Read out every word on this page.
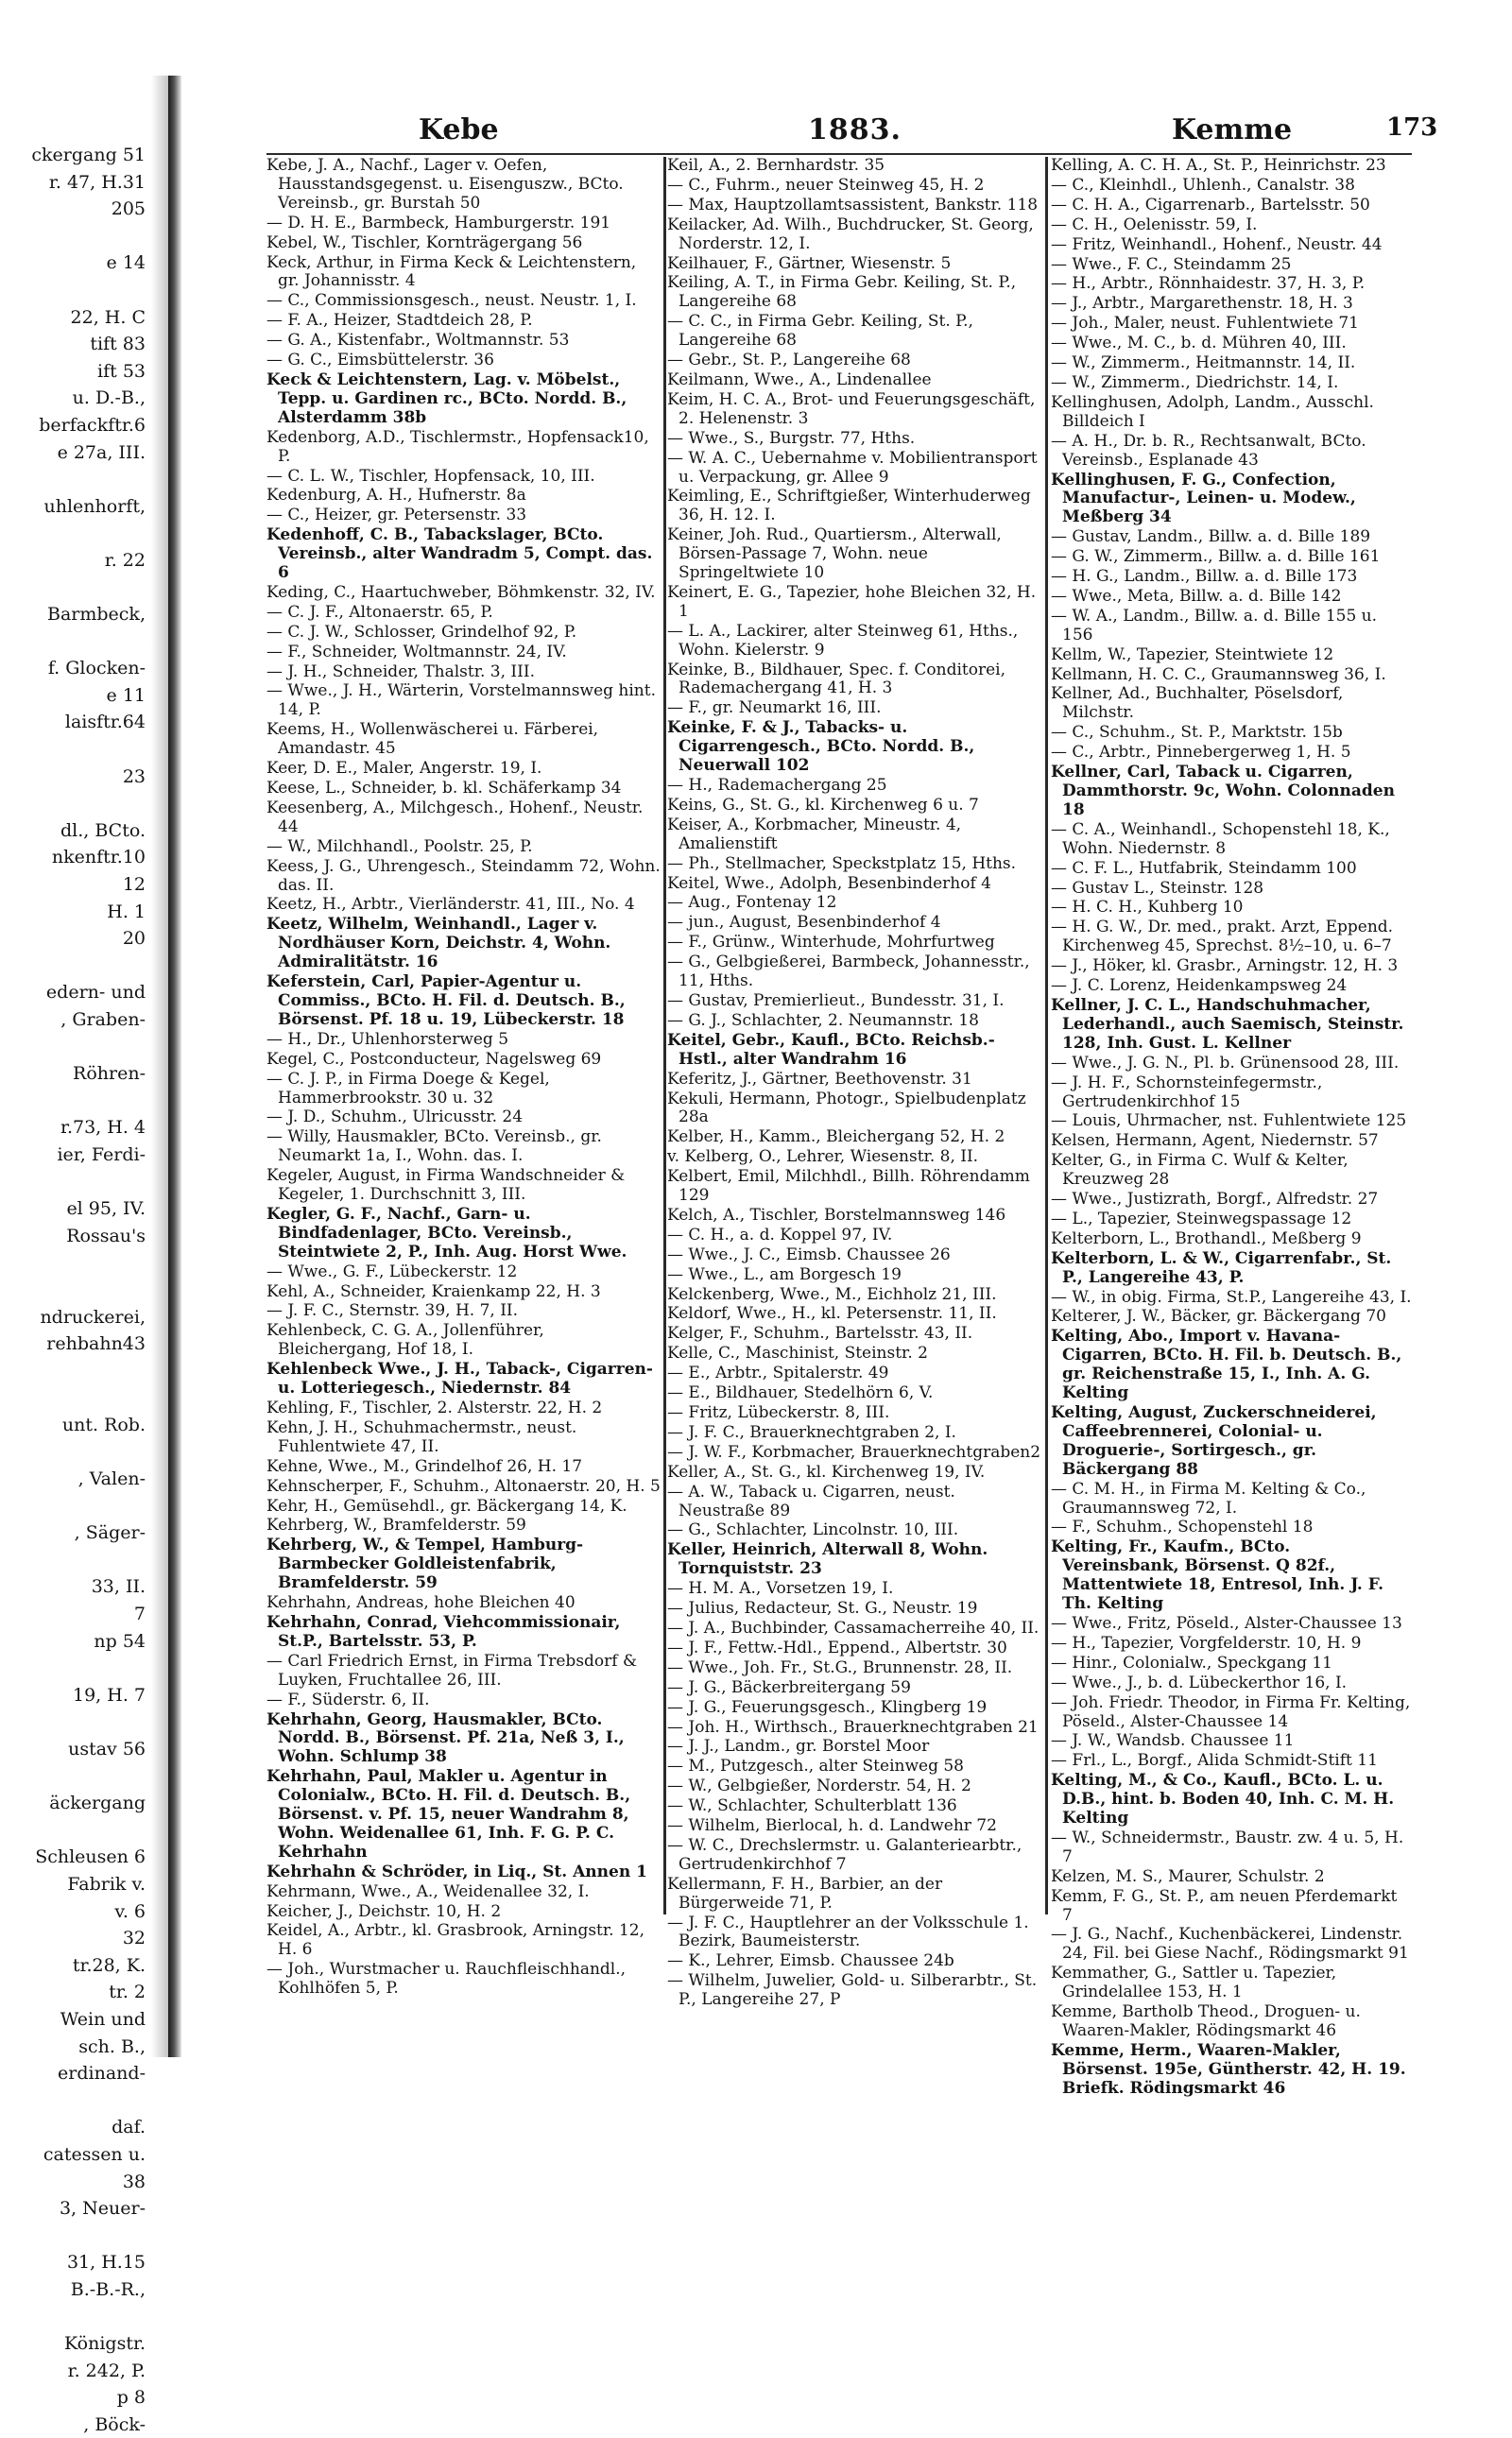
ckergang 51
r. 47, H.31
205

e 14

22, H. C
tift 83
ift 53
u. D.-B.,
berfackftr.6
e 27a, III.

uhlenhorft,

r. 22

Barmbeck,

f. Glocken-
e 11
laisftr.64

23

dl., BCto.
nkenftr.10
12
H. 1
20

edern- und
, Graben-

Röhren-

r.73, H. 4
ier, Ferdi-

el 95, IV.
Rossau's

ndruckerei,
rehbahn43

unt. Rob.

, Valen-

, Säger-

33, II.
7
np 54

19, H. 7

ustav 56

äckergang

Schleusen 6
Fabrik v.
v. 6
32
tr.28, K.
tr. 2
Wein und
sch. B.,
erdinand-

daf.
catessen u.
38
3, Neuer-

31, H.15
B.-B.-R.,

Königstr.
r. 242, P.
p 8
, Böck-
Kebe	1883.	Kemme	173
Kebe, J. A., Nachf., Lager v. Oefen, Hausstandsgegenst. u. Eisenguszw., BCto. Vereinsb., gr. Burstah 50
— D. H. E., Barmbeck, Hamburgerstr. 191
Kebel, W., Tischler, Kornträgergang 56
Keck, Arthur, in Firma Keck & Leichtenstern, gr. Johannisstr. 4
— C., Commissionsgesch., neust. Neustr. 1, I.
— F. A., Heizer, Stadtdeich 28, P.
— G. A., Kistenfabr., Woltmannstr. 53
— G. C., Eimsbüttelerstr. 36
Keck & Leichtenstern, Lag. v. Möbelst., Tepp. u. Gardinen rc., BCto. Nordd. B., Alsterdamm 38b
Kedenborg, A.D., Tischlermstr., Hopfensack10, P.
— C. L. W., Tischler, Hopfensack, 10, III.
Kedenburg, A. H., Hufnerstr. 8a
— C., Heizer, gr. Petersenstr. 33
Kedenhoff, C. B., Tabackslager, BCto. Vereinsb., alter Wandradm 5, Compt. das. 6
Keding, C., Haartuchweber, Böhmkenstr. 32, IV.
— C. J. F., Altonaerstr. 65, P.
— C. J. W., Schlosser, Grindelhof 92, P.
— F., Schneider, Woltmannstr. 24, IV.
— J. H., Schneider, Thalstr. 3, III.
— Wwe., J. H., Wärterin, Vorstelmannsweg hint. 14, P.
Keems, H., Wollenwäscherei u. Färberei, Amandastr. 45
Keer, D. E., Maler, Angerstr. 19, I.
Keese, L., Schneider, b. kl. Schäferkamp 34
Keesenberg, A., Milchgesch., Hohenf., Neustr. 44
— W., Milchhandl., Poolstr. 25, P.
Keess, J. G., Uhrengesch., Steindamm 72, Wohn. das. II.
Keetz, H., Arbtr., Vierländerstr. 41, III., No. 4
Keetz, Wilhelm, Weinhandl., Lager v. Nordhäuser Korn, Deichstr. 4, Wohn. Admiralitätstr. 16
Keferstein, Carl, Papier-Agentur u. Commiss., BCto. H. Fil. d. Deutsch. B., Börsenst. Pf. 18 u. 19, Lübeckerstr. 18
— H., Dr., Uhlenhorsterweg 5
Kegel, C., Postconducteur, Nagelsweg 69
— C. J. P., in Firma Doege & Kegel, Hammerbrookstr. 30 u. 32
— J. D., Schuhm., Ulricusstr. 24
— Willy, Hausmakler, BCto. Vereinsb., gr. Neumarkt 1a, I., Wohn. das. I.
Kegeler, August, in Firma Wandschneider & Kegeler, 1. Durchschnitt 3, III.
Kegler, G. F., Nachf., Garn- u. Bindfadenlager, BCto. Vereinsb., Steintwiete 2, P., Inh. Aug. Horst Wwe.
— Wwe., G. F., Lübeckerstr. 12
Kehl, A., Schneider, Kraienkamp 22, H. 3
— J. F. C., Sternstr. 39, H. 7, II.
Kehlenbeck, C. G. A., Jollenführer, Bleichergang, Hof 18, I.
Kehlenbeck Wwe., J. H., Taback-, Cigarren- u. Lotteriegesch., Niedernstr. 84
Kehling, F., Tischler, 2. Alsterstr. 22, H. 2
Kehn, J. H., Schuhmachermstr., neust. Fuhlentwiete 47, II.
Kehne, Wwe., M., Grindelhof 26, H. 17
Kehnscherper, F., Schuhm., Altonaerstr. 20, H. 5
Kehr, H., Gemüsehdl., gr. Bäckergang 14, K.
Kehrberg, W., Bramfelderstr. 59
Kehrberg, W., & Tempel, Hamburg-Barmbecker Goldleistenfabrik, Bramfelderstr. 59
Kehrhahn, Andreas, hohe Bleichen 40
Kehrhahn, Conrad, Viehcommissionair, St.P., Bartelsstr. 53, P.
— Carl Friedrich Ernst, in Firma Trebsdorf & Luyken, Fruchtallee 26, III.
— F., Süderstr. 6, II.
Kehrhahn, Georg, Hausmakler, BCto. Nordd. B., Börsenst. Pf. 21a, Neß 3, I., Wohn. Schlump 38
Kehrhahn, Paul, Makler u. Agentur in Colonialw., BCto. H. Fil. d. Deutsch. B., Börsenst. v. Pf. 15, neuer Wandrahm 8, Wohn. Weidenallee 61, Inh. F. G. P. C. Kehrhahn
Kehrhahn & Schröder, in Liq., St. Annen 1
Kehrmann, Wwe., A., Weidenallee 32, I.
Keicher, J., Deichstr. 10, H. 2
Keidel, A., Arbtr., kl. Grasbrook, Arningstr. 12, H. 6
— Joh., Wurstmacher u. Rauchfleischhandl., Kohlhöfen 5, P.
Keil, A., 2. Bernhardstr. 35
— C., Fuhrm., neuer Steinweg 45, H. 2
— Max, Hauptzollamtsassistent, Bankstr. 118
Keilacker, Ad. Wilh., Buchdrucker, St. Georg, Norderstr. 12, I.
Keilhauer, F., Gärtner, Wiesenstr. 5
Keiling, A. T., in Firma Gebr. Keiling, St. P., Langereihe 68
— C. C., in Firma Gebr. Keiling, St. P., Langereihe 68
— Gebr., St. P., Langereihe 68
Keilmann, Wwe., A., Lindenallee
Keim, H. C. A., Brot- und Feuerungsgeschäft, 2. Helenenstr. 3
— Wwe., S., Burgstr. 77, Hths.
— W. A. C., Uebernahme v. Mobilientransport u. Verpackung, gr. Allee 9
Keimling, E., Schriftgießer, Winterhuderweg 36, H. 12. I.
Keiner, Joh. Rud., Quartiersm., Alterwall, Börsen-Passage 7, Wohn. neue Springeltwiete 10
Keinert, E. G., Tapezier, hohe Bleichen 32, H. 1
— L. A., Lackirer, alter Steinweg 61, Hths., Wohn. Kielerstr. 9
Keinke, B., Bildhauer, Spec. f. Conditorei, Rademachergang 41, H. 3
— F., gr. Neumarkt 16, III.
Keinke, F. & J., Tabacks- u. Cigarrengesch., BCto. Nordd. B., Neuerwall 102
— H., Rademachergang 25
Keins, G., St. G., kl. Kirchenweg 6 u. 7
Keiser, A., Korbmacher, Mineustr. 4, Amalienstift
— Ph., Stellmacher, Speckstplatz 15, Hths.
Keitel, Wwe., Adolph, Besenbinderhof 4
— Aug., Fontenay 12
— jun., August, Besenbinderhof 4
— F., Grünw., Winterhude, Mohrfurtweg
— G., Gelbgießerei, Barmbeck, Johannesstr., 11, Hths.
— Gustav, Premierlieut., Bundesstr. 31, I.
— G. J., Schlachter, 2. Neumannstr. 18
Keitel, Gebr., Kaufl., BCto. Reichsb.-Hstl., alter Wandrahm 16
Keferitz, J., Gärtner, Beethovenstr. 31
Kekuli, Hermann, Photogr., Spielbudenplatz 28a
Kelber, H., Kamm., Bleichergang 52, H. 2
v. Kelberg, O., Lehrer, Wiesenstr. 8, II.
Kelbert, Emil, Milchhdl., Billh. Röhrendamm 129
Kelch, A., Tischler, Borstelmannsweg 146
— C. H., a. d. Koppel 97, IV.
— Wwe., J. C., Eimsb. Chaussee 26
— Wwe., L., am Borgesch 19
Kelckenberg, Wwe., M., Eichholz 21, III.
Keldorf, Wwe., H., kl. Petersenstr. 11, II.
Kelger, F., Schuhm., Bartelsstr. 43, II.
Kelle, C., Maschinist, Steinstr. 2
— E., Arbtr., Spitalerstr. 49
— E., Bildhauer, Stedelhörn 6, V.
— Fritz, Lübeckerstr. 8, III.
— J. F. C., Brauerknechtgraben 2, I.
— J. W. F., Korbmacher, Brauerknechtgraben2
Keller, A., St. G., kl. Kirchenweg 19, IV.
— A. W., Taback u. Cigarren, neust. Neustraße 89
— G., Schlachter, Lincolnstr. 10, III.
Keller, Heinrich, Alterwall 8, Wohn. Tornquiststr. 23
— H. M. A., Vorsetzen 19, I.
— Julius, Redacteur, St. G., Neustr. 19
— J. A., Buchbinder, Cassamacherreihe 40, II.
— J. F., Fettw.-Hdl., Eppend., Albertstr. 30
— Wwe., Joh. Fr., St.G., Brunnenstr. 28, II.
— J. G., Bäckerbreitergang 59
— J. G., Feuerungsgesch., Klingberg 19
— Joh. H., Wirthsch., Brauerknechtgraben 21
— J. J., Landm., gr. Borstel Moor
— M., Putzgesch., alter Steinweg 58
— W., Gelbgießer, Norderstr. 54, H. 2
— W., Schlachter, Schulterblatt 136
— Wilhelm, Bierlocal, h. d. Landwehr 72
— W. C., Drechslermstr. u. Galanteriearbtr., Gertrudenkirchhof 7
Kellermann, F. H., Barbier, an der Bürgerweide 71, P.
— J. F. C., Hauptlehrer an der Volksschule 1. Bezirk, Baumeisterstr.
— K., Lehrer, Eimsb. Chaussee 24b
— Wilhelm, Juwelier, Gold- u. Silberarbtr., St. P., Langereihe 27, P
Kelling, A. C. H. A., St. P., Heinrichstr. 23
— C., Kleinhdl., Uhlenh., Canalstr. 38
— C. H. A., Cigarrenarb., Bartelsstr. 50
— C. H., Oelenisstr. 59, I.
— Fritz, Weinhandl., Hohenf., Neustr. 44
— Wwe., F. C., Steindamm 25
— H., Arbtr., Rönnhaidestr. 37, H. 3, P.
— J., Arbtr., Margarethenstr. 18, H. 3
— Joh., Maler, neust. Fuhlentwiete 71
— Wwe., M. C., b. d. Mühren 40, III.
— W., Zimmerm., Heitmannstr. 14, II.
— W., Zimmerm., Diedrichstr. 14, I.
Kellinghusen, Adolph, Landm., Ausschl. Billdeich I
— A. H., Dr. b. R., Rechtsanwalt, BCto. Vereinsb., Esplanade 43
Kellinghusen, F. G., Confection, Manufactur-, Leinen- u. Modew., Meßberg 34
— Gustav, Landm., Billw. a. d. Bille 189
— G. W., Zimmerm., Billw. a. d. Bille 161
— H. G., Landm., Billw. a. d. Bille 173
— Wwe., Meta, Billw. a. d. Bille 142
— W. A., Landm., Billw. a. d. Bille 155 u. 156
Kellm, W., Tapezier, Steintwiete 12
Kellmann, H. C. C., Graumannsweg 36, I.
Kellner, Ad., Buchhalter, Pöselsdorf, Milchstr.
— C., Schuhm., St. P., Marktstr. 15b
— C., Arbtr., Pinnebergerweg 1, H. 5
Kellner, Carl, Taback u. Cigarren, Dammthorstr. 9c, Wohn. Colonnaden 18
— C. A., Weinhandl., Schopenstehl 18, K., Wohn. Niedernstr. 8
— C. F. L., Hutfabrik, Steindamm 100
— Gustav L., Steinstr. 128
— H. C. H., Kuhberg 10
— H. G. W., Dr. med., prakt. Arzt, Eppend. Kirchenweg 45, Sprechst. 8½–10, u. 6–7
— J., Höker, kl. Grasbr., Arningstr. 12, H. 3
— J. C. Lorenz, Heidenkampsweg 24
Kellner, J. C. L., Handschuhmacher, Lederhandl., auch Saemisch, Steinstr. 128, Inh. Gust. L. Kellner
— Wwe., J. G. N., Pl. b. Grünensood 28, III.
— J. H. F., Schornsteinfegermstr., Gertrudenkirchhof 15
— Louis, Uhrmacher, nst. Fuhlentwiete 125
Kelsen, Hermann, Agent, Niedernstr. 57
Kelter, G., in Firma C. Wulf & Kelter, Kreuzweg 28
— Wwe., Justizrath, Borgf., Alfredstr. 27
— L., Tapezier, Steinwegspassage 12
Kelterborn, L., Brothandl., Meßberg 9
Kelterborn, L. & W., Cigarrenfabr., St. P., Langereihe 43, P.
— W., in obig. Firma, St.P., Langereihe 43, I.
Kelterer, J. W., Bäcker, gr. Bäckergang 70
Kelting, Abo., Import v. Havana-Cigarren, BCto. H. Fil. b. Deutsch. B., gr. Reichenstraße 15, I., Inh. A. G. Kelting
Kelting, August, Zuckerschneiderei, Caffeebrennerei, Colonial- u. Droguerie-, Sortirgesch., gr. Bäckergang 88
— C. M. H., in Firma M. Kelting & Co., Graumannsweg 72, I.
— F., Schuhm., Schopenstehl 18
Kelting, Fr., Kaufm., BCto. Vereinsbank, Börsenst. Q 82f., Mattentwiete 18, Entresol, Inh. J. F. Th. Kelting
— Wwe., Fritz, Pöseld., Alster-Chaussee 13
— H., Tapezier, Vorgfelderstr. 10, H. 9
— Hinr., Colonialw., Speckgang 11
— Wwe., J., b. d. Lübeckerthor 16, I.
— Joh. Friedr. Theodor, in Firma Fr. Kelting, Pöseld., Alster-Chaussee 14
— J. W., Wandsb. Chaussee 11
— Frl., L., Borgf., Alida Schmidt-Stift 11
Kelting, M., & Co., Kaufl., BCto. L. u. D.B., hint. b. Boden 40, Inh. C. M. H. Kelting
— W., Schneidermstr., Baustr. zw. 4 u. 5, H. 7
Kelzen, M. S., Maurer, Schulstr. 2
Kemm, F. G., St. P., am neuen Pferdemarkt 7
— J. G., Nachf., Kuchenbäckerei, Lindenstr. 24, Fil. bei Giese Nachf., Rödingsmarkt 91
Kemmather, G., Sattler u. Tapezier, Grindelallee 153, H. 1
Kemme, Bartholb Theod., Droguen- u. Waaren-Makler, Rödingsmarkt 46
Kemme, Herm., Waaren-Makler, Börsenst. 195e, Güntherstr. 42, H. 19. Briefk. Rödingsmarkt 46
